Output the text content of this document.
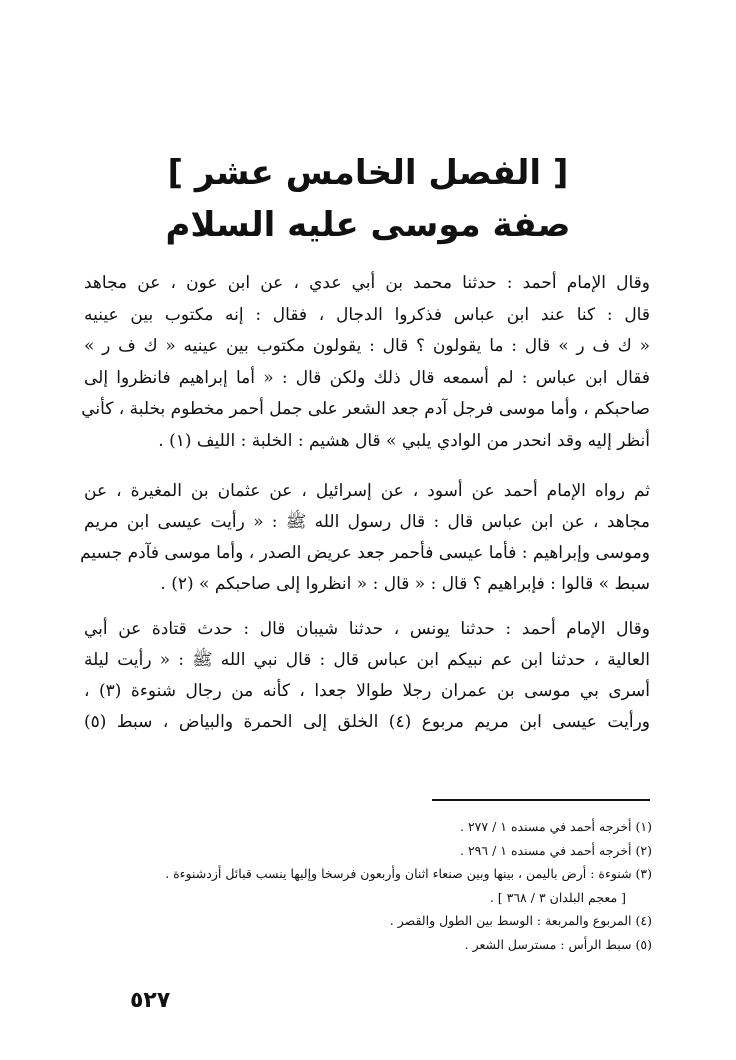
[ الفصل الخامس عشر ]
صفة موسى عليه السلام
وقال الإمام أحمد : حدثنا محمد بن أبي عدي ، عن ابن عون ، عن مجاهد
قال : كنا عند ابن عباس فذكروا الدجال ، فقال : إنه مكتوب بين عينيه
« ك ف ر » قال : ما يقولون ؟ قال : يقولون مكتوب بين عينيه « ك ف ر »
فقال ابن عباس : لم أسمعه قال ذلك ولكن قال : « أما إبراهيم فانظروا إلى
صاحبكم ، وأما موسى فرجل آدم جعد الشعر على جمل أحمر مخطوم بخلبة ، كأني
أنظر إليه وقد انحدر من الوادي يلبي » قال هشيم : الخلبة : الليف (١) .
ثم رواه الإمام أحمد عن أسود ، عن إسرائيل ، عن عثمان بن المغيرة ، عن
مجاهد ، عن ابن عباس قال : قال رسول الله ﷺ : « رأيت عيسى ابن مريم
وموسى وإبراهيم : فأما عيسى فأحمر جعد عريض الصدر ، وأما موسى فآدم جسيم
سبط » قالوا : فإبراهيم ؟ قال : « قال : « انظروا إلى صاحبكم » (٢) .
وقال الإمام أحمد : حدثنا يونس ، حدثنا شيبان قال : حدث قتادة عن أبي
العالية ، حدثنا ابن عم نبيكم ابن عباس قال : قال نبي الله ﷺ : « رأيت ليلة
أسرى بي موسى بن عمران رجلا طوالا جعدا ، كأنه من رجال شنوءة (٣) ،
ورأيت عيسى ابن مريم مربوع (٤) الخلق إلى الحمرة والبياض ، سبط (٥)
(١) أخرجه أحمد في مسنده ١ / ٢٧٧ .
(٢) أخرجه أحمد في مسنده ١ / ٢٩٦ .
(٣) شنوءة : أرض باليمن ، بينها وبين صنعاء اثنان وأربعون فرسخا وإليها ينسب قبائل أزدشنوءة .
[ معجم البلدان ٣ / ٣٦٨ ] .
(٤) المربوع والمربعة : الوسط بين الطول والقصر .
(٥) سبط الرأس : مسترسل الشعر .
٥٢٧
